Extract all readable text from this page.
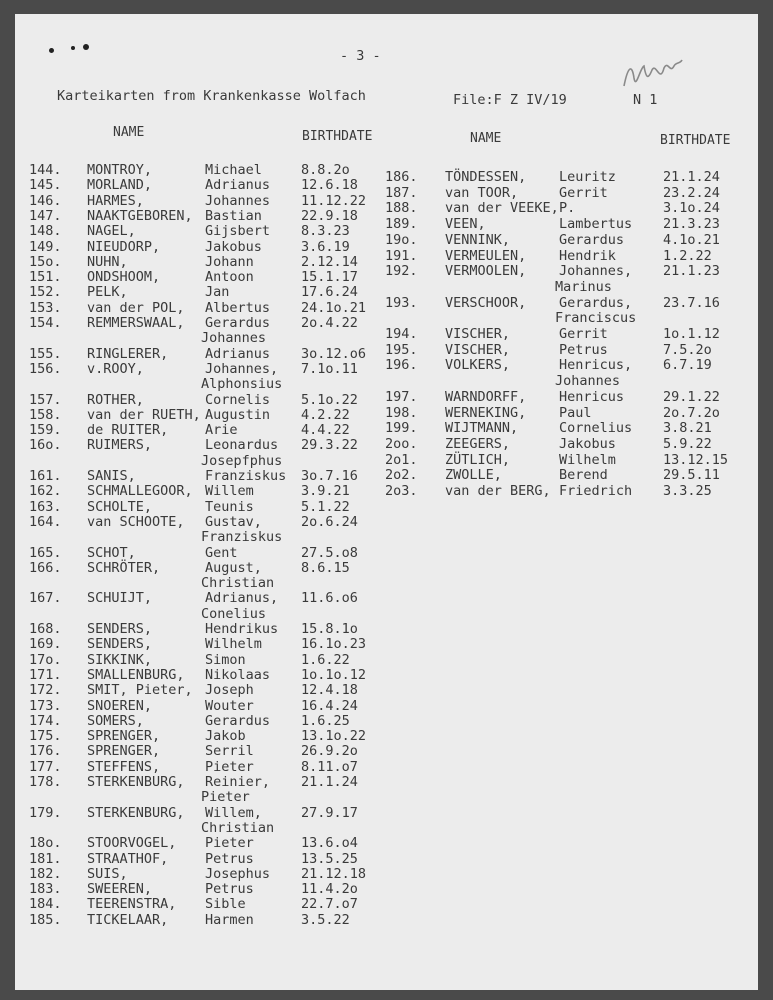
- 3 -
Karteikarten from Krankenkasse Wolfach	File:F Z IV/19	N 1
NAME	BIRTHDATE	NAME	BIRTHDATE
144. MONTROY,	Michael	8.8.2o
145. MORLAND,	Adrianus 12.6.18
146. HARMES,	Johannes 11.12.22
147. NAAKTGEBOREN, Bastian	22.9.18
148. NAGEL,	Gijsbert 8.3.23
149. NIEUDORP,	Jakobus	3.6.19
15o. NUHN,	Johann	2.12.14
151. ONDSHOOM,	Antoon	15.1.17
152. PELK,	Jan	17.6.24
153. van der POL, Albertus 24.1o.21
154. REMMERSWAAL, Gerardus 2o.4.22
Johannes
155. RINGLERER,	Adrianus 3o.12.o6
156. v.ROOY,	Johannes, 7.1o.11
Alphonsius
157. ROTHER,	Cornelis 5.1o.22
158. van der RUETH, Augustin 4.2.22
159. de RUITER,	Arie	4.4.22
16o. RUIMERS,	Leonardus 29.3.22
Josepfphus
161. SANIS,	Franziskus 3o.7.16
162. SCHMALLEGOOR, Willem	3.9.21
163. SCHOLTE,	Teunis	5.1.22
164. van SCHOOTE, Gustav,	2o.6.24
Franziskus
165. SCHOT,	Gent	27.5.o8
166. SCHRÖTER,	August,	8.6.15
Christian
167. SCHUIJT,	Adrianus, 11.6.o6
Conelius
168. SENDERS,	Hendrikus 15.8.1o
169. SENDERS,	Wilhelm	16.1o.23
17o. SIKKINK,	Simon	1.6.22
171. SMALLENBURG, Nikolaas 1o.1o.12
172. SMIT, Pieter, Joseph	12.4.18
173. SNOEREN,	Wouter	16.4.24
174. SOMERS,	Gerardus 1.6.25
175. SPRENGER,	Jakob	13.1o.22
176. SPRENGER,	Serril	26.9.2o
177. STEFFENS,	Pieter	8.11.o7
178. STERKENBURG, Reinier, 21.1.24
Pieter
179. STERKENBURG, Willem,	27.9.17
Christian
18o. STOORVOGEL, Pieter	13.6.o4
181. STRAATHOF,	Petrus	13.5.25
182. SUIS,	Josephus 21.12.18
183. SWEEREN,	Petrus	11.4.2o
184. TEERENSTRA, Sible	22.7.o7
185. TICKELAAR,	Harmen	3.5.22
186. TÖNDESSEN, Leuritz	21.1.24
187. van TOOR,	Gerrit	23.2.24
188. van der VEEKE, P.	3.1o.24
189. VEEN,	Lambertus 21.3.23
19o. VENNINK,	Gerardus	4.1o.21
191. VERMEULEN, Hendrik	1.2.22
192. VERMOOLEN, Johannes, 21.1.23
Marinus
193. VERSCHOOR, Gerardus, 23.7.16
Franciscus
194. VISCHER,	Gerrit	1o.1.12
195. VISCHER,	Petrus	7.5.2o
196. VOLKERS,	Henricus, 6.7.19
Johannes
197. WARNDORFF, Henricus	29.1.22
198. WERNEKING, Paul	2o.7.2o
199. WIJTMANN,	Cornelius 3.8.21
2oo. ZEEGERS,	Jakobus	5.9.22
2o1. ZÜTLICH,	Wilhelm	13.12.15
2o2. ZWOLLE,	Berend	29.5.11
2o3. van der BERG, Friedrich 3.3.25
